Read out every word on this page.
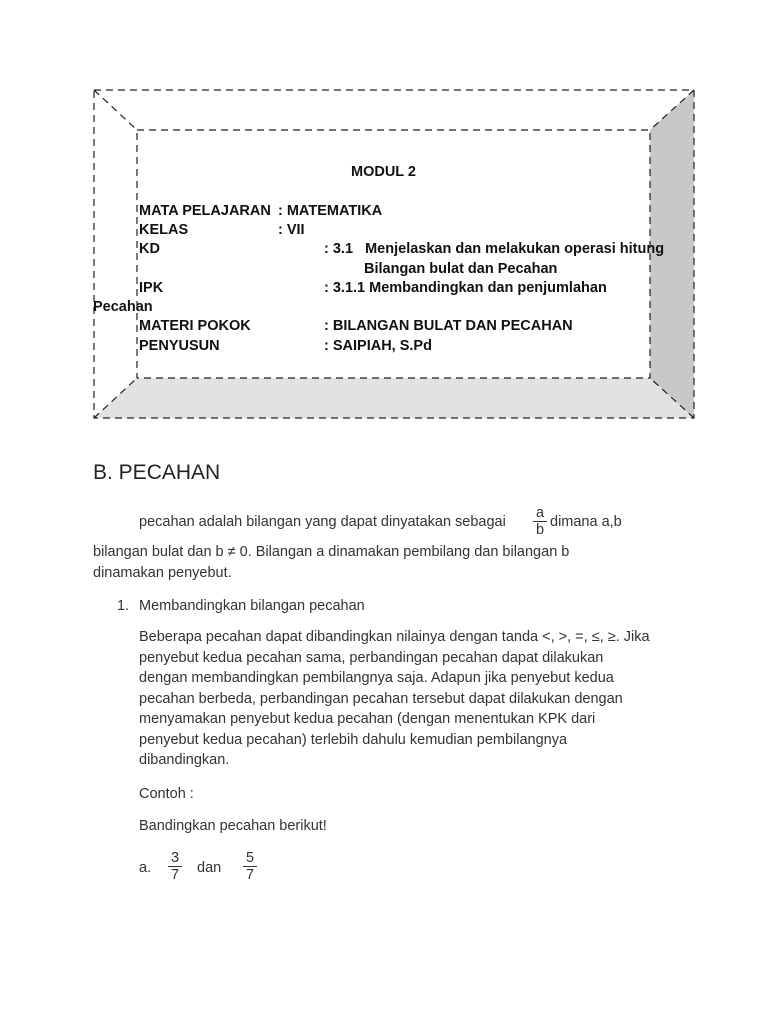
MODUL 2
MATA PELAJARAN : MATEMATIKA
KELAS	: VII
KD	: 3.1   Menjelaskan dan melakukan operasi hitung
Bilangan bulat dan Pecahan
IPK	: 3.1.1 Membandingkan dan penjumlahan
Pecahan
MATERI POKOK	: BILANGAN BULAT DAN PECAHAN
PENYUSUN	: SAIPIAH, S.Pd
B. PECAHAN
pecahan adalah bilangan yang dapat dinyatakan sebagai
a
b dimana a,b
bilangan bulat dan b ≠ 0. Bilangan a dinamakan pembilang dan bilangan b
dinamakan penyebut.
1. Membandingkan bilangan pecahan
Beberapa pecahan dapat dibandingkan nilainya dengan tanda <, >, =, ≤, ≥. Jika
penyebut kedua pecahan sama, perbandingan pecahan dapat dilakukan
dengan membandingkan pembilangnya saja. Adapun jika penyebut kedua
pecahan berbeda, perbandingan pecahan tersebut dapat dilakukan dengan
menyamakan penyebut kedua pecahan (dengan menentukan KPK dari
penyebut kedua pecahan) terlebih dahulu kemudian pembilangnya
dibandingkan.
Contoh :
Bandingkan pecahan berikut!
a.
3
7 dan
5
7
